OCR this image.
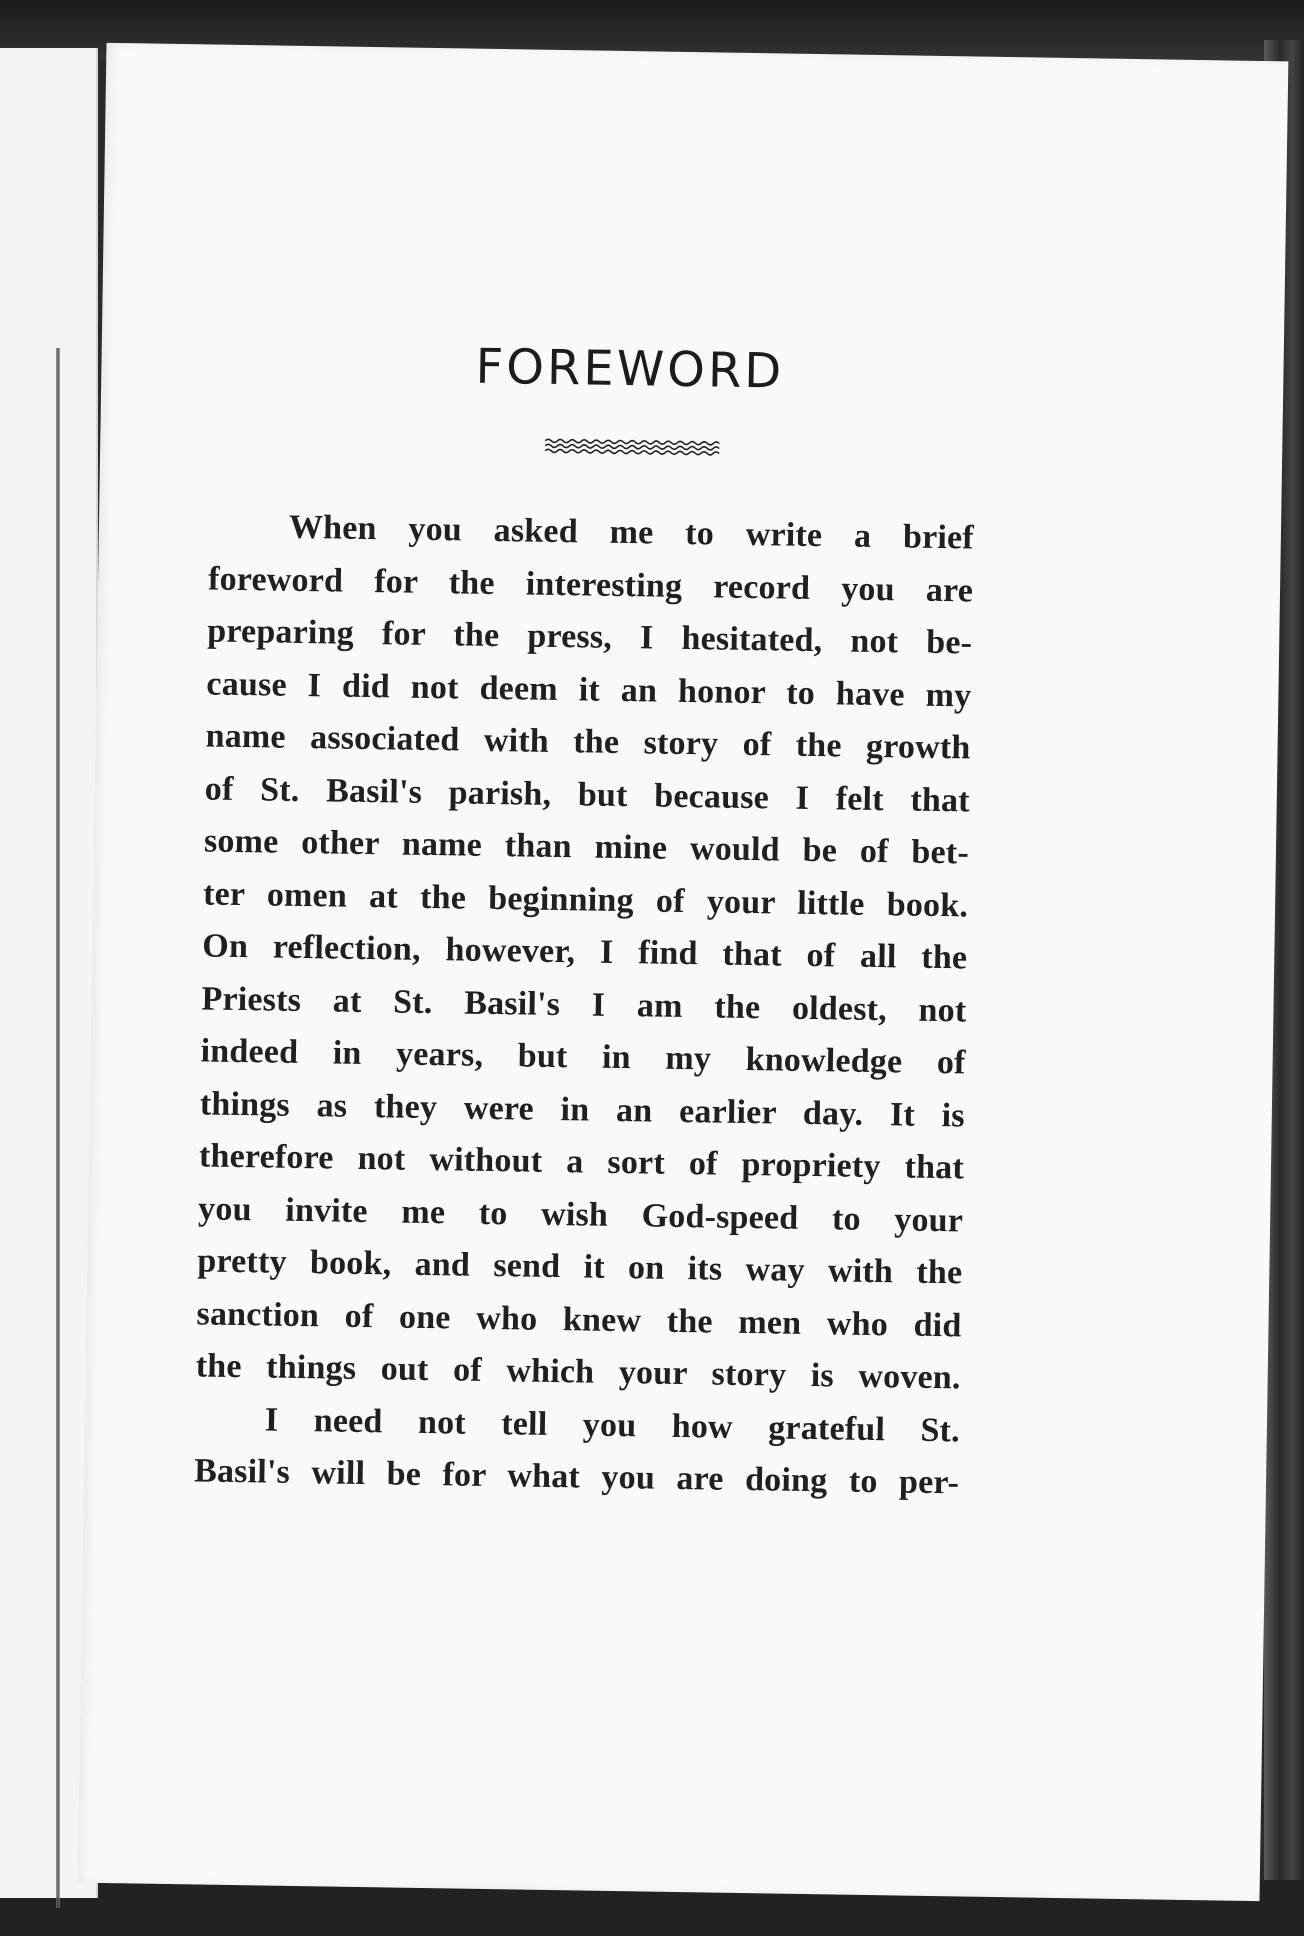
FOREWORD

When you asked me to write a brief
foreword for the interesting record you are
preparing for the press, I hesitated, not be-
cause I did not deem it an honor to have my
name associated with the story of the growth
of St. Basil's parish, but because I felt that
some other name than mine would be of bet-
ter omen at the beginning of your little book.
On reflection, however, I find that of all the
Priests at St. Basil's I am the oldest, not
indeed in years, but in my knowledge of
things as they were in an earlier day. It is
therefore not without a sort of propriety that
you invite me to wish God-speed to your
pretty book, and send it on its way with the
sanction of one who knew the men who did
the things out of which your story is woven.

I need not tell you how grateful St.
Basil's will be for what you are doing to per-
